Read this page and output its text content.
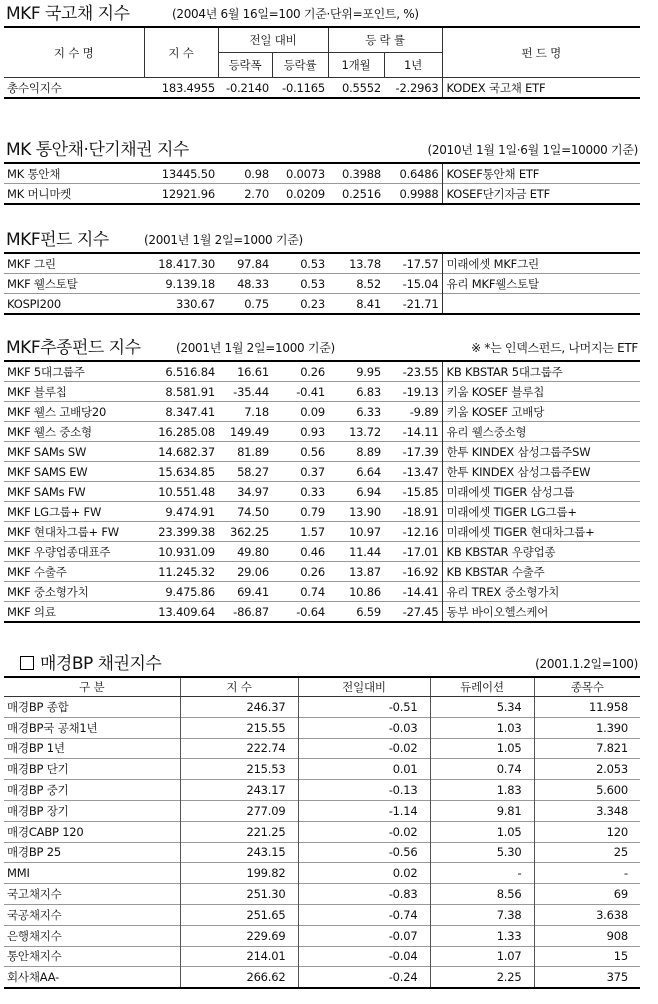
MKF 국고채 지수	(2004년 6월 16일=100 기준·단위=포인트, %)
지 수 명	지 수	전일 대비		등 락 률		펀 드 명
		등락폭	등락률	1개월	1년	
총수익지수	183.4955	-0.2140	-0.1165	0.5552	-2.2963	KODEX 국고채 ETF
MK 통안채·단기채권 지수	(2010년 1월 1일·6월 1일=10000 기준)
MK 통안채	13445.50	0.98	0.0073	0.3988	0.6486	KOSEF통안채 ETF
MK 머니마켓	12921.96	2.70	0.0209	0.2516	0.9988	KOSEF단기자금 ETF
MKF펀드 지수	(2001년 1월 2일=1000 기준)
MKF 그린	18.417.30	97.84	0.53	13.78	-17.57	미래에셋 MKF그린
MKF 웰스토탈	9.139.18	48.33	0.53	8.52	-15.04	유리 MKF웰스토탈
KOSPI200	330.67	0.75	0.23	8.41	-21.71	
MKF추종펀드 지수	(2001년 1월 2일=1000 기준)	※ *는 인덱스펀드, 나머지는 ETF
MKF 5대그룹주	6.516.84	16.61	0.26	9.95	-23.55	KB KBSTAR 5대그룹주
MKF 블루칩	8.581.91	-35.44	-0.41	6.83	-19.13	키움 KOSEF 블루칩
MKF 웰스 고배당20	8.347.41	7.18	0.09	6.33	-9.89	키움 KOSEF 고배당
MKF 웰스 중소형	16.285.08	149.49	0.93	13.72	-14.11	유리 웰스중소형
MKF SAMs SW	14.682.37	81.89	0.56	8.89	-17.39	한투 KINDEX 삼성그룹주SW
MKF SAMS EW	15.634.85	58.27	0.37	6.64	-13.47	한투 KINDEX 삼성그룹주EW
MKF SAMs FW	10.551.48	34.97	0.33	6.94	-15.85	미래에셋 TIGER 삼성그룹
MKF LG그룹+ FW	9.474.91	74.50	0.79	13.90	-18.91	미래에셋 TIGER LG그룹+
MKF 현대차그룹+ FW	23.399.38	362.25	1.57	10.97	-12.16	미래에셋 TIGER 현대차그룹+
MKF 우량업종대표주	10.931.09	49.80	0.46	11.44	-17.01	KB KBSTAR 우량업종
MKF 수출주	11.245.32	29.06	0.26	13.87	-16.92	KB KBSTAR 수출주
MKF 중소형가치	9.475.86	69.41	0.74	10.86	-14.41	유리 TREX 중소형가치
MKF 의료	13.409.64	-86.87	-0.64	6.59	-27.45	동부 바이오헬스케어
매경BP 채권지수	(2001.1.2일=100)
구 분	지 수	전일대비	듀레이션	종목수
매경BP 종합	246.37	-0.51	5.34	11.958
매경BP국 공채1년	215.55	-0.03	1.03	1.390
매경BP 1년	222.74	-0.02	1.05	7.821
매경BP 단기	215.53	0.01	0.74	2.053
매경BP 중기	243.17	-0.13	1.83	5.600
매경BP 장기	277.09	-1.14	9.81	3.348
매경CABP 120	221.25	-0.02	1.05	120
매경BP 25	243.15	-0.56	5.30	25
MMI	199.82	0.02	-	-
국고채지수	251.30	-0.83	8.56	69
국공채지수	251.65	-0.74	7.38	3.638
은행채지수	229.69	-0.07	1.33	908
통안채지수	214.01	-0.04	1.07	15
회사채AA-	266.62	-0.24	2.25	375
